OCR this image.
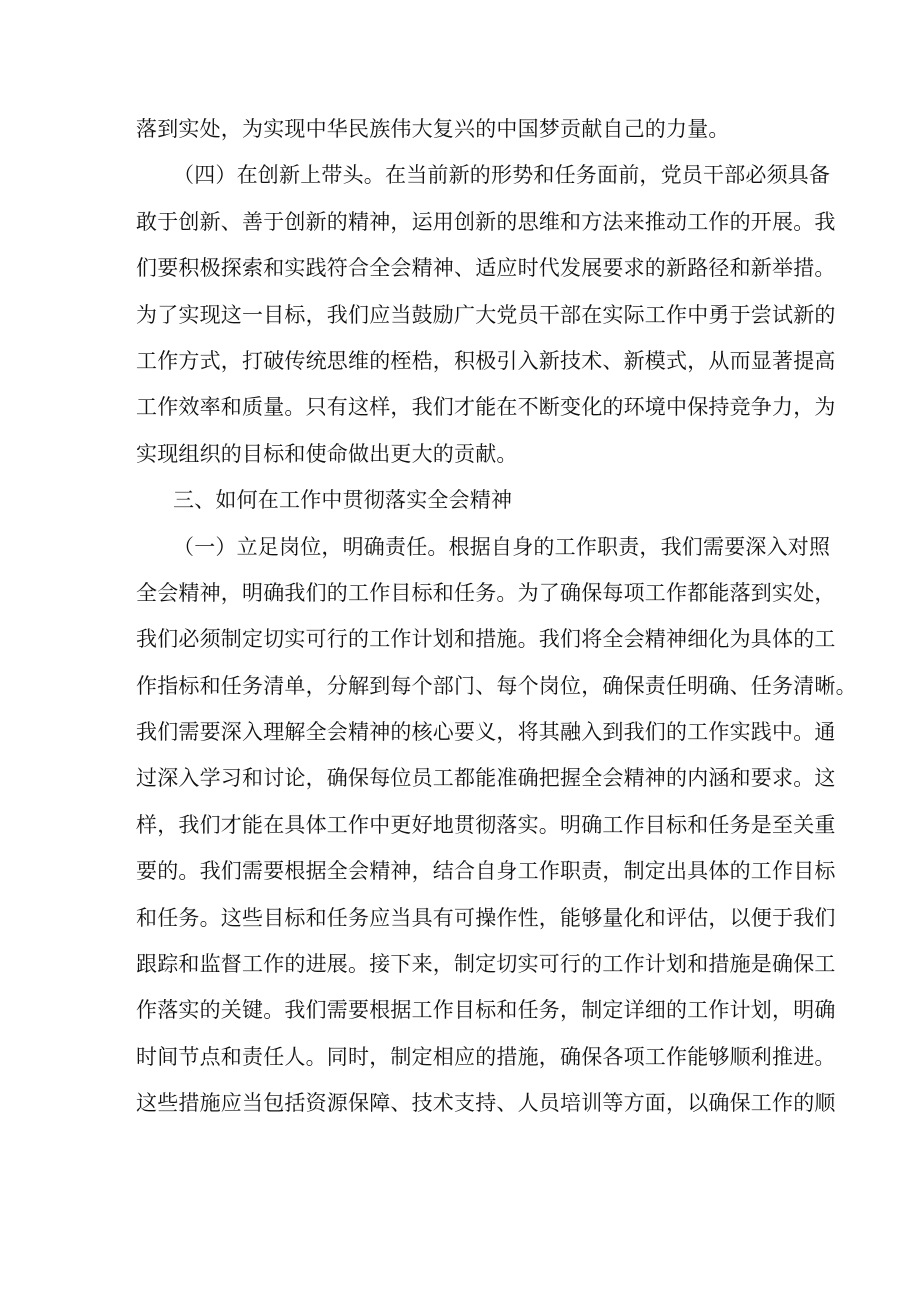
落到实处，为实现中华民族伟大复兴的中国梦贡献自己的力量。
（四）在创新上带头。在当前新的形势和任务面前，党员干部必须具备
敢于创新、善于创新的精神，运用创新的思维和方法来推动工作的开展。我
们要积极探索和实践符合全会精神、适应时代发展要求的新路径和新举措。
为了实现这一目标，我们应当鼓励广大党员干部在实际工作中勇于尝试新的
工作方式，打破传统思维的桎梏，积极引入新技术、新模式，从而显著提高
工作效率和质量。只有这样，我们才能在不断变化的环境中保持竞争力，为
实现组织的目标和使命做出更大的贡献。
三、如何在工作中贯彻落实全会精神
（一）立足岗位，明确责任。根据自身的工作职责，我们需要深入对照
全会精神，明确我们的工作目标和任务。为了确保每项工作都能落到实处，
我们必须制定切实可行的工作计划和措施。我们将全会精神细化为具体的工
作指标和任务清单，分解到每个部门、每个岗位，确保责任明确、任务清晰。
我们需要深入理解全会精神的核心要义，将其融入到我们的工作实践中。通
过深入学习和讨论，确保每位员工都能准确把握全会精神的内涵和要求。这
样，我们才能在具体工作中更好地贯彻落实。明确工作目标和任务是至关重
要的。我们需要根据全会精神，结合自身工作职责，制定出具体的工作目标
和任务。这些目标和任务应当具有可操作性，能够量化和评估，以便于我们
跟踪和监督工作的进展。接下来，制定切实可行的工作计划和措施是确保工
作落实的关键。我们需要根据工作目标和任务，制定详细的工作计划，明确
时间节点和责任人。同时，制定相应的措施，确保各项工作能够顺利推进。
这些措施应当包括资源保障、技术支持、人员培训等方面，以确保工作的顺
